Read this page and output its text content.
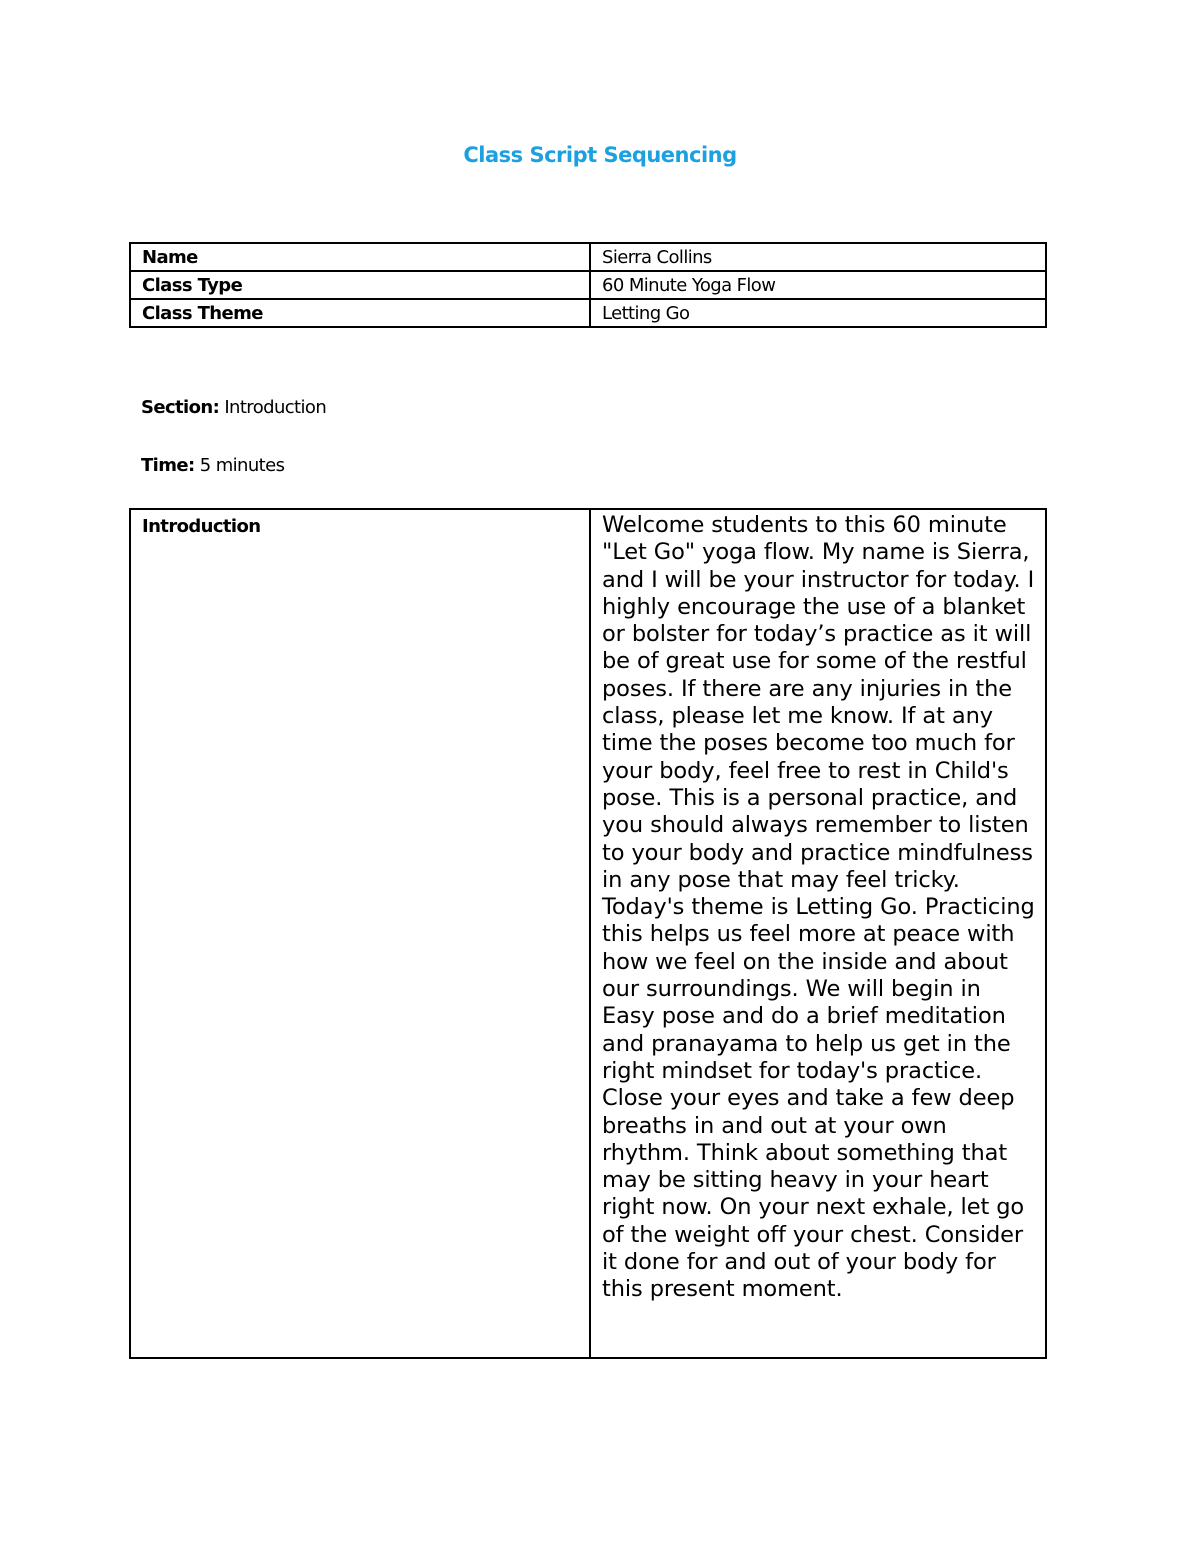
Class Script Sequencing
Name	Sierra Collins
Class Type	60 Minute Yoga Flow
Class Theme	Letting Go
Section: Introduction
Time: 5 minutes
Introduction	Welcome students to this 60 minute "Let Go" yoga flow. My name is Sierra, and I will be your instructor for today. I highly encourage the use of a blanket or bolster for today’s practice as it will be of great use for some of the restful poses. If there are any injuries in the class, please let me know. If at any time the poses become too much for your body, feel free to rest in Child's pose. This is a personal practice, and you should always remember to listen to your body and practice mindfulness in any pose that may feel tricky. Today's theme is Letting Go. Practicing this helps us feel more at peace with how we feel on the inside and about our surroundings. We will begin in Easy pose and do a brief meditation and pranayama to help us get in the right mindset for today's practice. Close your eyes and take a few deep breaths in and out at your own rhythm. Think about something that may be sitting heavy in your heart right now. On your next exhale, let go of the weight off your chest. Consider it done for and out of your body for this present moment.
